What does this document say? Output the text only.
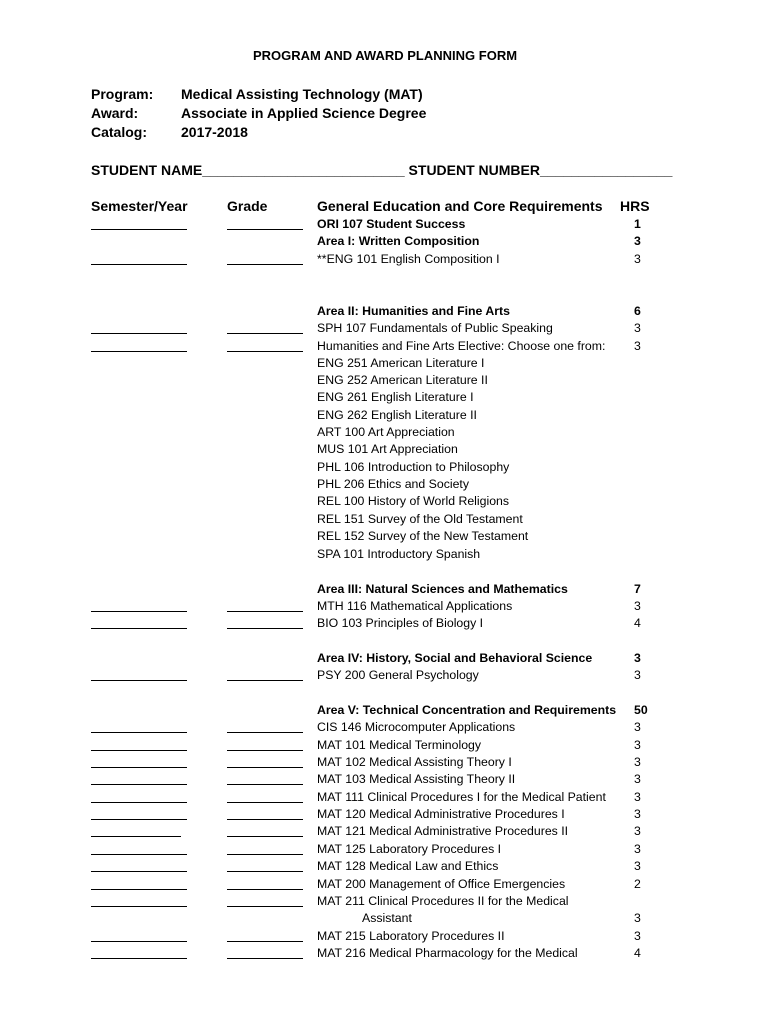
PROGRAM AND AWARD PLANNING FORM
Program: Medical Assisting Technology (MAT)
Award:	Associate in Applied Science Degree
Catalog: 2017-2018
STUDENT NAME__________________________ STUDENT NUMBER_________________
Semester/Year	Grade	General Education and Core Requirements HRS
ORI 107 Student Success	1
Area I: Written Composition	3
**ENG 101 English Composition I	3
Area II: Humanities and Fine Arts	6
SPH 107 Fundamentals of Public Speaking	3
Humanities and Fine Arts Elective: Choose one from: 3
ENG 251 American Literature I
ENG 252 American Literature II
ENG 261 English Literature I
ENG 262 English Literature II
ART 100 Art Appreciation
MUS 101 Art Appreciation
PHL 106 Introduction to Philosophy
PHL 206 Ethics and Society
REL 100 History of World Religions
REL 151 Survey of the Old Testament
REL 152 Survey of the New Testament
SPA 101 Introductory Spanish
Area III: Natural Sciences and Mathematics	7
MTH 116 Mathematical Applications	3
BIO 103 Principles of Biology I	4
Area IV: History, Social and Behavioral Science	3
PSY 200 General Psychology	3
Area V: Technical Concentration and Requirements 50
CIS 146 Microcomputer Applications	3
MAT 101 Medical Terminology	3
MAT 102 Medical Assisting Theory I	3
MAT 103 Medical Assisting Theory II	3
MAT 111 Clinical Procedures I for the Medical Patient 3
MAT 120 Medical Administrative Procedures I	3
MAT 121 Medical Administrative Procedures II	3
MAT 125 Laboratory Procedures I	3
MAT 128 Medical Law and Ethics	3
MAT 200 Management of Office Emergencies	2
MAT 211 Clinical Procedures II for the Medical
Assistant	3
MAT 215 Laboratory Procedures II	3
MAT 216 Medical Pharmacology for the Medical	4
